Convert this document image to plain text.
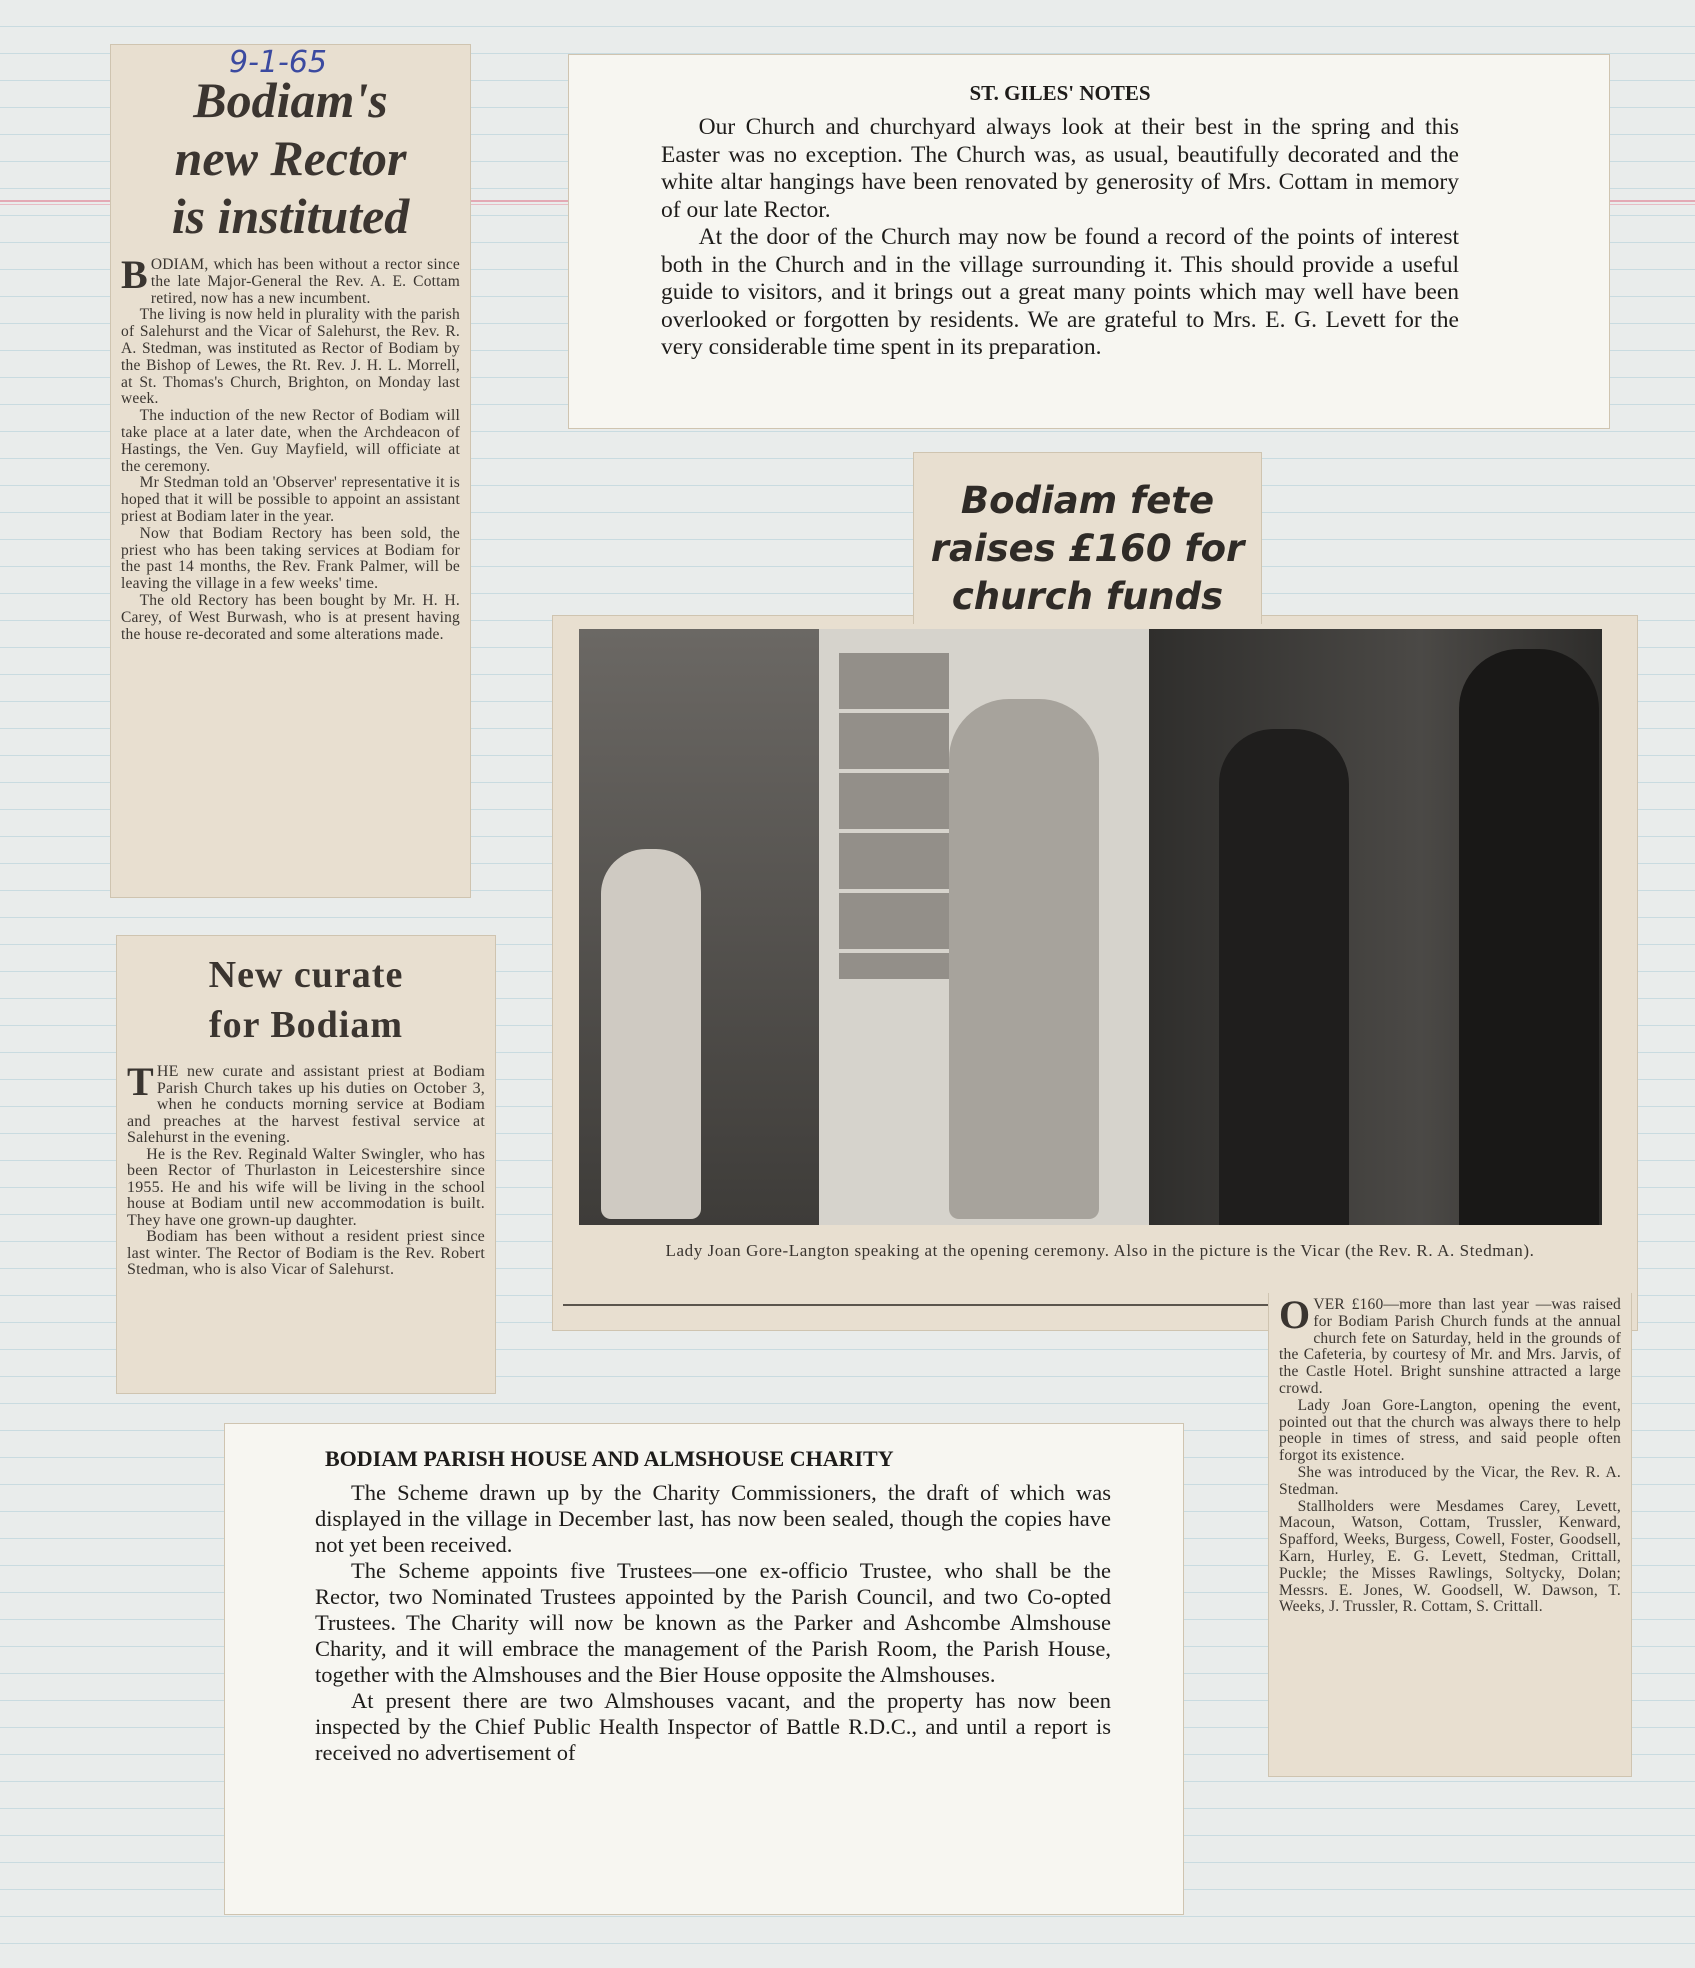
9-1-65
Bodiam's
new Rector
is instituted

BODIAM, which has been without a rector since the late Major-General the Rev. A. E. Cottam retired, now has a new incumbent.

The living is now held in plurality with the parish of Salehurst and the Vicar of Salehurst, the Rev. R. A. Stedman, was instituted as Rector of Bodiam by the Bishop of Lewes, the Rt. Rev. J. H. L. Morrell, at St. Thomas's Church, Brighton, on Monday last week.

The induction of the new Rector of Bodiam will take place at a later date, when the Archdeacon of Hastings, the Ven. Guy Mayfield, will officiate at the ceremony.

Mr Stedman told an 'Observer' representative it is hoped that it will be possible to appoint an assistant priest at Bodiam later in the year.

Now that Bodiam Rectory has been sold, the priest who has been taking services at Bodiam for the past 14 months, the Rev. Frank Palmer, will be leaving the village in a few weeks' time.

The old Rectory has been bought by Mr. H. H. Carey, of West Burwash, who is at present having the house re-decorated and some alterations made.

ST. GILES' NOTES

Our Church and churchyard always look at their best in the spring and this Easter was no exception. The Church was, as usual, beautifully decorated and the white altar hangings have been renovated by generosity of Mrs. Cottam in memory of our late Rector.

At the door of the Church may now be found a record of the points of interest both in the Church and in the village surrounding it. This should provide a useful guide to visitors, and it brings out a great many points which may well have been overlooked or forgotten by residents. We are grateful to Mrs. E. G. Levett for the very considerable time spent in its preparation.

Bodiam fete
raises £160 for
church funds
Lady Joan Gore-Langton speaking at the opening ceremony. Also in the picture is the Vicar (the Rev. R. A. Stedman).

OVER £160—more than last year —was raised for Bodiam Parish Church funds at the annual church fete on Saturday, held in the grounds of the Cafeteria, by courtesy of Mr. and Mrs. Jarvis, of the Castle Hotel. Bright sunshine attracted a large crowd.

Lady Joan Gore-Langton, opening the event, pointed out that the church was always there to help people in times of stress, and said people often forgot its existence.

She was introduced by the Vicar, the Rev. R. A. Stedman.

Stallholders were Mesdames Carey, Levett, Macoun, Watson, Cottam, Trussler, Kenward, Spafford, Weeks, Burgess, Cowell, Foster, Goodsell, Karn, Hurley, E. G. Levett, Stedman, Crittall, Puckle; the Misses Rawlings, Soltycky, Dolan; Messrs. E. Jones, W. Goodsell, W. Dawson, T. Weeks, J. Trussler, R. Cottam, S. Crittall.

New curate
for Bodiam

THE new curate and assistant priest at Bodiam Parish Church takes up his duties on October 3, when he conducts morning service at Bodiam and preaches at the harvest festival service at Salehurst in the evening.

He is the Rev. Reginald Walter Swingler, who has been Rector of Thurlaston in Leicestershire since 1955. He and his wife will be living in the school house at Bodiam until new accommodation is built. They have one grown-up daughter.

Bodiam has been without a resident priest since last winter. The Rector of Bodiam is the Rev. Robert Stedman, who is also Vicar of Salehurst.

BODIAM PARISH HOUSE AND ALMSHOUSE CHARITY

The Scheme drawn up by the Charity Commissioners, the draft of which was displayed in the village in December last, has now been sealed, though the copies have not yet been received.

The Scheme appoints five Trustees—one ex-officio Trustee, who shall be the Rector, two Nominated Trustees appointed by the Parish Council, and two Co-opted Trustees. The Charity will now be known as the Parker and Ashcombe Almshouse Charity, and it will embrace the management of the Parish Room, the Parish House, together with the Almshouses and the Bier House opposite the Almshouses.

At present there are two Almshouses vacant, and the property has now been inspected by the Chief Public Health Inspector of Battle R.D.C., and until a report is received no advertisement of
